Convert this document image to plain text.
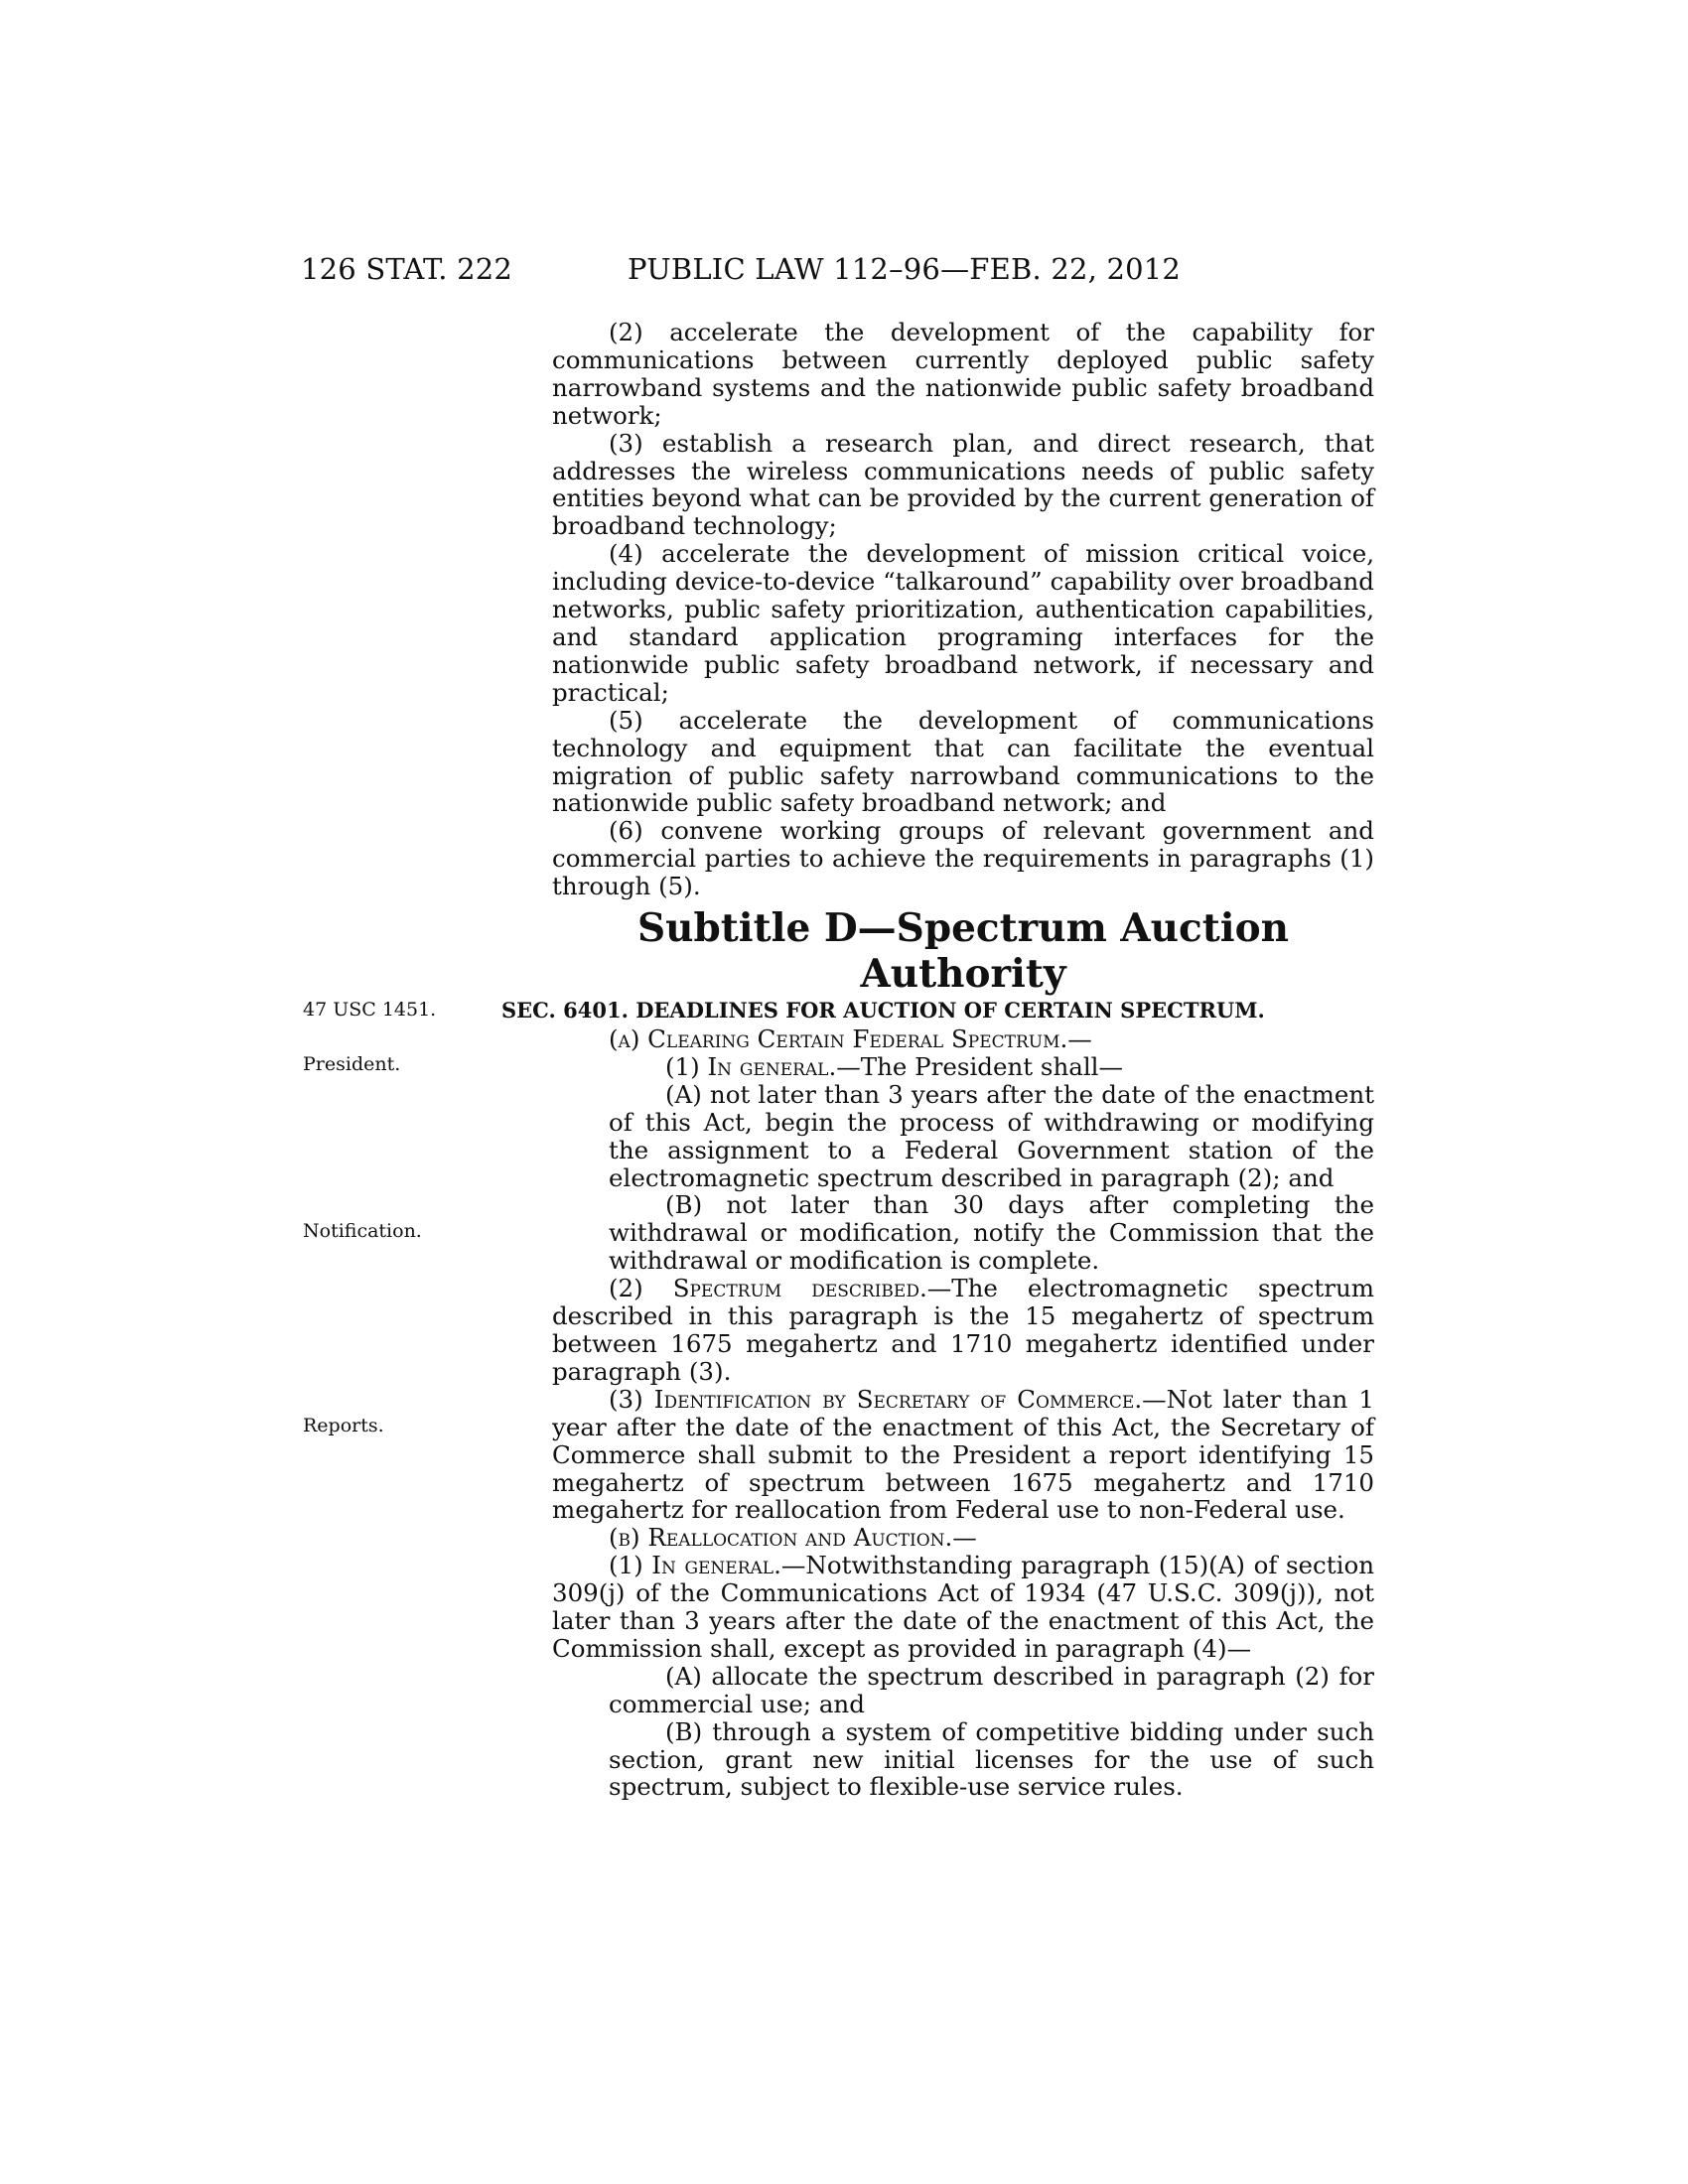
126 STAT. 222	PUBLIC LAW 112–96—FEB. 22, 2012

(2) accelerate the development of the capability for communications between currently deployed public safety narrowband systems and the nationwide public safety broadband network;

(3) establish a research plan, and direct research, that addresses the wireless communications needs of public safety entities beyond what can be provided by the current generation of broadband technology;

(4) accelerate the development of mission critical voice, including device-to-device “talkaround” capability over broadband networks, public safety prioritization, authentication capabilities, and standard application programing interfaces for the nationwide public safety broadband network, if necessary and practical;

(5) accelerate the development of communications technology and equipment that can facilitate the eventual migration of public safety narrowband communications to the nationwide public safety broadband network; and

(6) convene working groups of relevant government and commercial parties to achieve the requirements in paragraphs (1) through (5).

Subtitle D—Spectrum Auction Authority
47 USC 1451.	SEC. 6401. DEADLINES FOR AUCTION OF CERTAIN SPECTRUM.
President.
Notification.
Reports.

(a) Clearing Certain Federal Spectrum.—

(1) In general.—The President shall—

(A) not later than 3 years after the date of the enactment of this Act, begin the process of withdrawing or modifying the assignment to a Federal Government station of the electromagnetic spectrum described in paragraph (2); and

(B) not later than 30 days after completing the withdrawal or modification, notify the Commission that the withdrawal or modification is complete.

(2) Spectrum described.—The electromagnetic spectrum described in this paragraph is the 15 megahertz of spectrum between 1675 megahertz and 1710 megahertz identified under paragraph (3).

(3) Identification by Secretary of Commerce.—Not later than 1 year after the date of the enactment of this Act, the Secretary of Commerce shall submit to the President a report identifying 15 megahertz of spectrum between 1675 megahertz and 1710 megahertz for reallocation from Federal use to non-Federal use.

(b) Reallocation and Auction.—

(1) In general.—Notwithstanding paragraph (15)(A) of section 309(j) of the Communications Act of 1934 (47 U.S.C. 309(j)), not later than 3 years after the date of the enactment of this Act, the Commission shall, except as provided in paragraph (4)—

(A) allocate the spectrum described in paragraph (2) for commercial use; and

(B) through a system of competitive bidding under such section, grant new initial licenses for the use of such spectrum, subject to flexible-use service rules.
